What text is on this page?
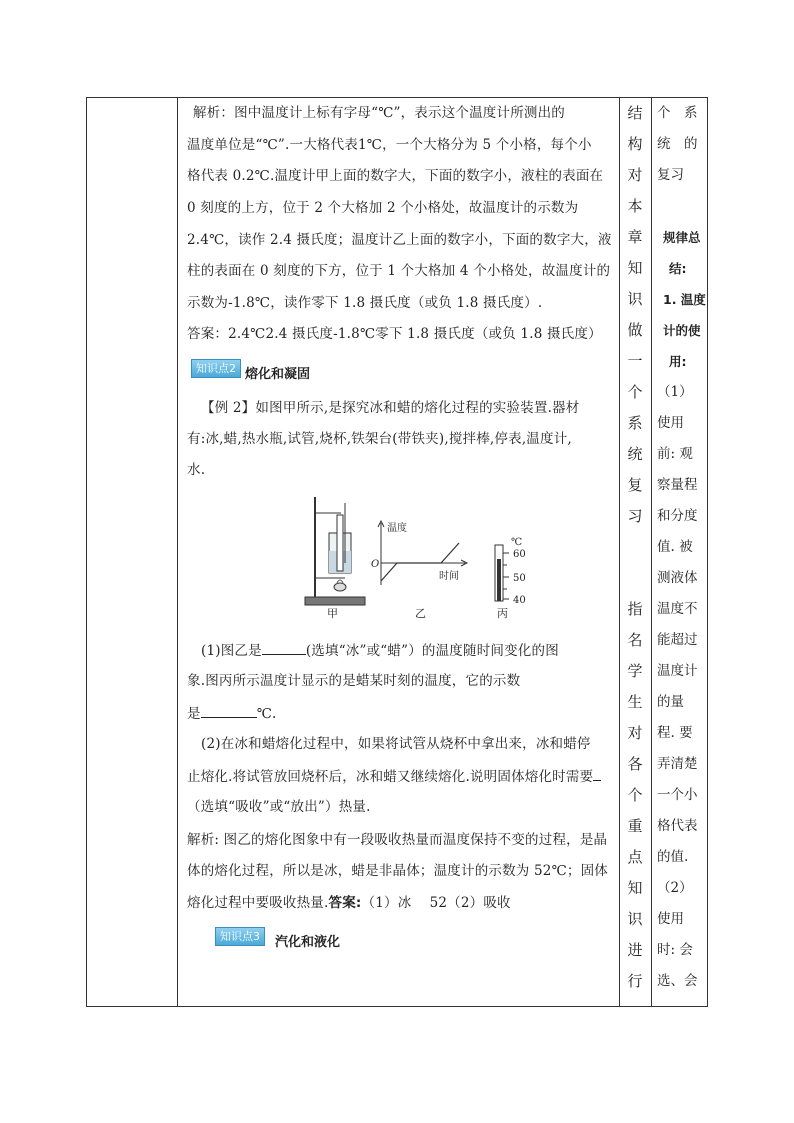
解析：图中温度计上标有字母“℃”，表示这个温度计所测出的
温度单位是“℃”.一大格代表1℃，一个大格分为 5 个小格，每个小
格代表 0.2℃.温度计甲上面的数字大，下面的数字小，液柱的表面在
0 刻度的上方，位于 2 个大格加 2 个小格处，故温度计的示数为
2.4℃，读作 2.4 摄氏度；温度计乙上面的数字小，下面的数字大，液
柱的表面在 0 刻度的下方，位于 1 个大格加 4 个小格处，故温度计的
示数为-1.8℃，读作零下 1.8 摄氏度（或负 1.8 摄氏度）.
答案：2.4℃2.4 摄氏度-1.8℃零下 1.8 摄氏度（或负 1.8 摄氏度）
知识点2 熔化和凝固
【例 2】如图甲所示,是探究冰和蜡的熔化过程的实验装置.器材
有:冰,蜡,热水瓶,试管,烧杯,铁架台(带铁夹),搅拌棒,停表,温度计,
水.
甲
温度
时间
O
乙
℃
60
50
40
丙
(1)图乙是	(选填“冰”或“蜡”）的温度随时间变化的图
象.图丙所示温度计显示的是蜡某时刻的温度，它的示数
是	℃.
(2)在冰和蜡熔化过程中，如果将试管从烧杯中拿出来，冰和蜡停
止熔化.将试管放回烧杯后，冰和蜡又继续熔化.说明固体熔化时需要
（选填“吸收”或“放出”）热量.
解析: 图乙的熔化图象中有一段吸收热量而温度保持不变的过程，是晶
体的熔化过程，所以是冰，蜡是非晶体；温度计的示数为 52℃；固体
熔化过程中要吸收热量.答案:（1）冰　 52（2）吸收
知识点3	汽化和液化
结
构
对
本
章
知
识
做
一
个
系
统
复
习
指
名
学
生
对
各
个
重
点
知
识
进
行
个　系
统　的
复习
规律总
结:
1. 温度
计的使
用:
（1）
使用
前: 观
察量程
和分度
值. 被
测液体
温度不
能超过
温度计
的量
程. 要
弄清楚
一个小
格代表
的值.
（2）
使用
时: 会
选、会
